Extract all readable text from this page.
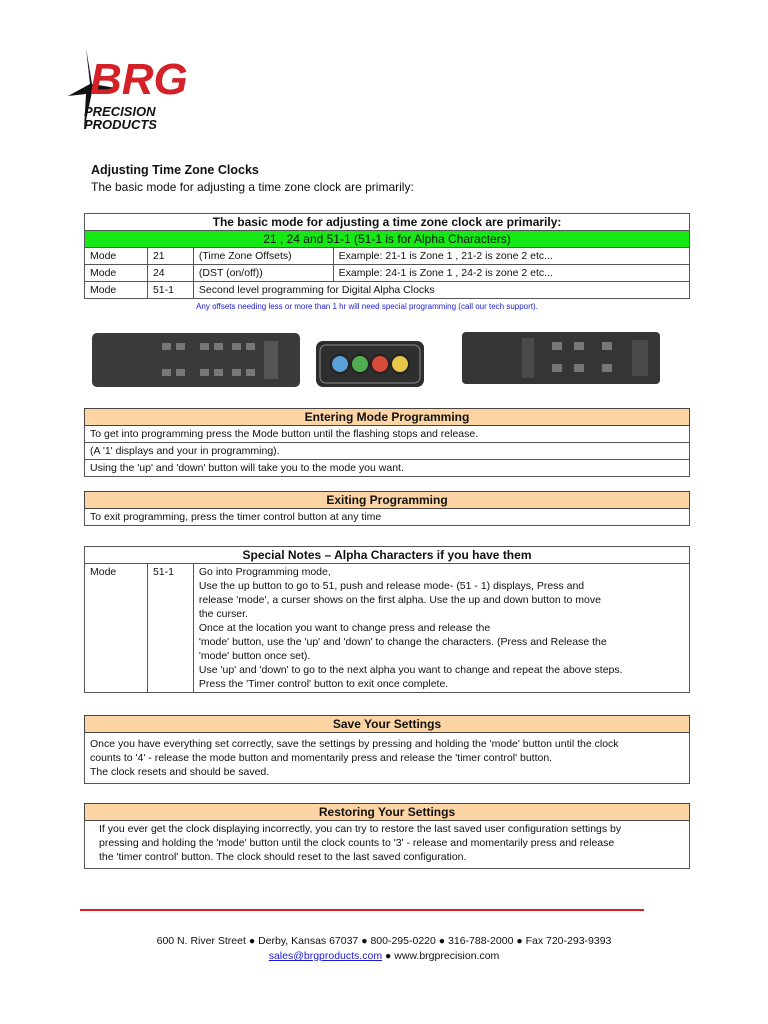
BRG
PRECISION
PRODUCTS

Adjusting Time Zone Clocks

The basic mode for adjusting a time zone clock are primarily:

The basic mode for adjusting a time zone clock are primarily:			
21 , 24 and 51-1 (51-1 is for Alpha Characters)			
Mode	21	(Time Zone Offsets)	Example: 21-1 is Zone 1 , 21-2 is zone 2 etc...
Mode	24	(DST (on/off))	Example: 24-1 is Zone 1 , 24-2 is zone 2 etc...
Mode	51-1	Second level programming for Digital Alpha Clocks	
Any offsets needing less or more than 1 hr will need special programming (call our tech support).
Entering Mode Programming
To get into programming press the Mode button until the flashing stops and release.
(A '1' displays and your in programming).
Using the 'up' and 'down' button will take you to the mode you want.
Exiting Programming
To exit programming, press the timer control button at any time
Special Notes – Alpha Characters if you have them
Mode	51-1	Go into Programming mode,
Use the up button to go to 51, push and release mode- (51 - 1) displays, Press and
release 'mode', a curser shows on the first alpha. Use the up and down button to move
the curser.
Once at the location you want to change press and release the
'mode' button, use the 'up' and 'down' to change the characters. (Press and Release the
'mode' button once set).
Use 'up' and 'down' to go to the next alpha you want to change and repeat the above steps.
Press the 'Timer control' button to exit once complete.
Save Your Settings

Once you have everything set correctly, save the settings by pressing and holding the 'mode' button until the clock
counts to '4' - release the mode button and momentarily press and release the 'timer control' button.
The clock resets and should be saved.
Restoring Your Settings

If you ever get the clock displaying incorrectly, you can try to restore the last saved user configuration settings by
pressing and holding the 'mode' button until the clock counts to '3' - release and momentarily press and release
the 'timer control' button. The clock should reset to the last saved configuration.
600 N. River Street ● Derby, Kansas 67037 ● 800-295-0220 ● 316-788-2000 ● Fax 720-293-9393
sales@brgproducts.com ● www.brgprecision.com
